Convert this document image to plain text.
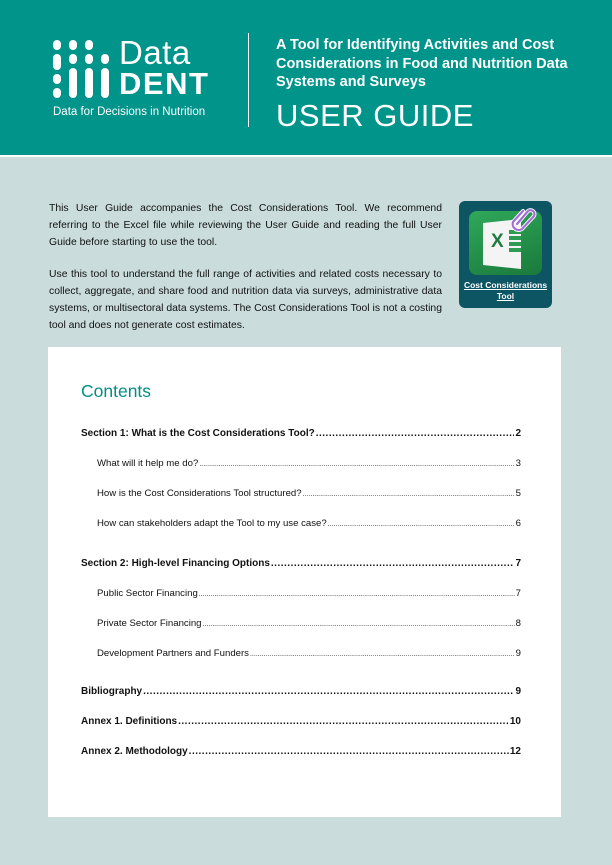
Data
DENT
Data for Decisions in Nutrition
A Tool for Identifying Activities and Cost Considerations in Food and Nutrition Data Systems and Surveys
USER GUIDE

This User Guide accompanies the Cost Considerations Tool. We recommend referring to the Excel file while reviewing the User Guide and reading the full User Guide before starting to use the tool.

Use this tool to understand the full range of activities and related costs necessary to collect, aggregate, and share food and nutrition data via surveys, administrative data systems, or multisectoral data systems. The Cost Considerations Tool is not a costing tool and does not generate cost estimates.

X
Cost Considerations Tool
Contents
Section 1: What is the Cost Considerations Tool? .....	2
What will it help me do? .....	3
How is the Cost Considerations Tool structured? .....	5
How can stakeholders adapt the Tool to my use case? .....	6
Section 2: High-level Financing Options .....	7
Public Sector Financing .....	7
Private Sector Financing .....	8
Development Partners and Funders .....	9
Bibliography .....	9
Annex 1. Definitions .....	10
Annex 2. Methodology .....	12
